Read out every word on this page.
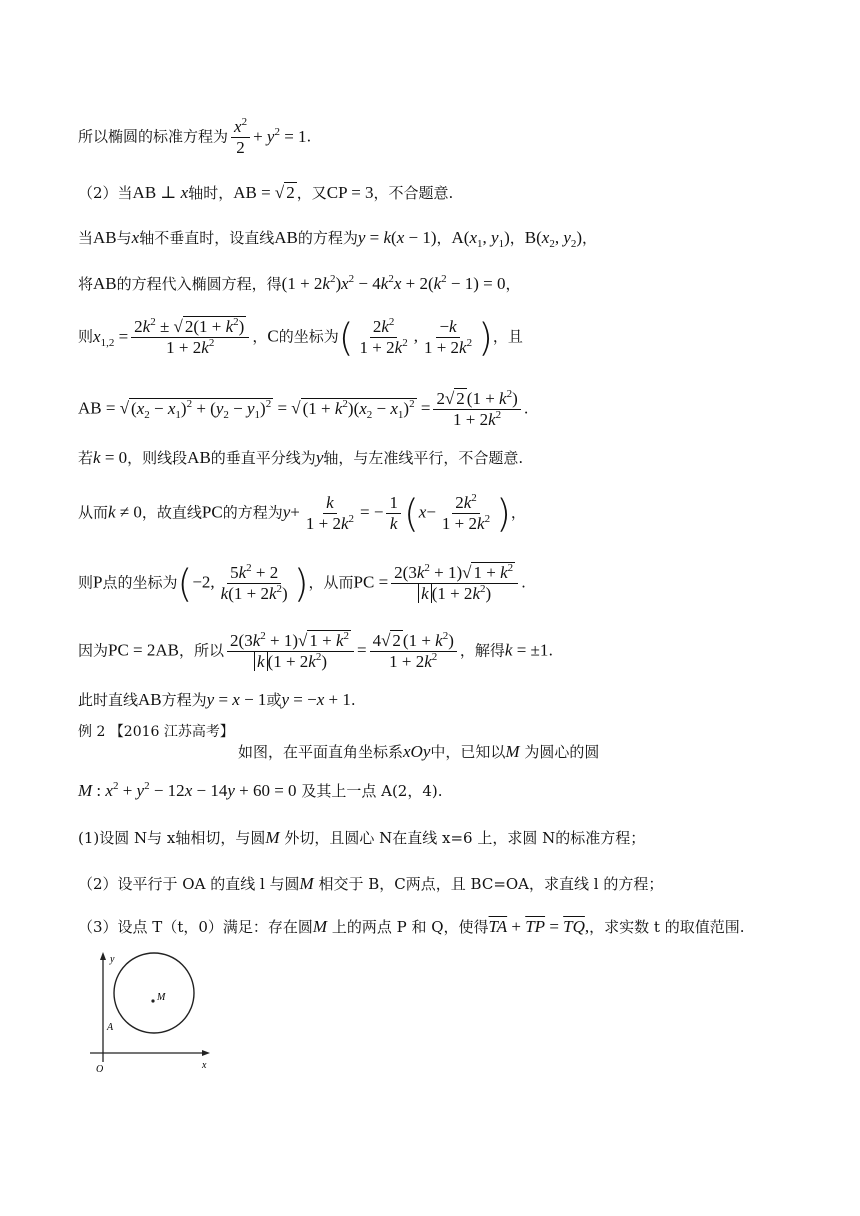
所以椭圆的标准方程为 $\frac{x^2}{2} + y^2 = 1$.
（2）当AB ⊥ x轴时，AB = √ 2 ，又CP = 3，不合题意.
当AB与x轴不垂直时，设直线AB的方程为y = k(x − 1)，$A(x_1$, $y_1$)，$B(x_2$, $y_2$)，
将AB的方程代入椭圆方程，得$(1 + 2k^2)x^2 - 4k^2x + 2(k^2 - 1) = 0$，
则$x_{1,2} = \frac{2k^2 \pm √ 2(1 + k^2)}{1 + 2k^2}$ ，C的坐标为( $\frac{2k^2}{1 + 2k^2}$ , $\frac{-k}{1 + 2k^2}$ )，且
AB = √ $(x_2 - x_1)^2 + (y_2 - y_1)^2$ = √ $(1 + k^2)(x_2 - x_1)^2 = \frac{2√ 2 (1 + k^2)}{1 + 2k^2}$ .
若k = 0，则线段AB的垂直平分线为y轴，与左准线平行，不合题意.
从而k ≠ 0，故直线PC的方程为$y+ \frac{k}{1 + 2k^2}$ = − $\frac{1}{k} (x- \frac{2k^2}{1 + 2k^2}$ )，
则P点的坐标为(−2, $\frac{5k^2 + 2}{k(1 + 2k^2)}$ )，从而PC = $\frac{2(3k^2 + 1)√ 1 + k^2}{k (1 + 2k^2)}$ .
因为PC = 2AB，所以 $\frac{2(3k^2 + 1)√ 1 + k^2}{k (1 + 2k^2)} = \frac{4√ 2 (1 + k^2)}{1 + 2k^2}$ ，解得k = ±1.
此时直线AB方程为y = x − 1或y = −x + 1.
例 2 【2016 江苏高考】
如图，在平面直角坐标系xOy中，已知以M 为圆心的圆
M : $x^2 + y^2 - 12x - 14y + 60 = 0$ 及其上一点 A(2，4).
(1)设圆 N与 x轴相切，与圆M 外切，且圆心 N在直线 x=6 上，求圆 N的标准方程；
（2）设平行于 OA 的直线 l 与圆M 相交于 B，C两点，且 BC=OA，求直线 l 的方程；
（3）设点 T（t，0）满足：存在圆M 上的两点 P 和 Q，使得$\overline{TA} + \overline{TP} = \overline{TQ}$,，求实数 t 的取值范围.
M
y
x
O
A
